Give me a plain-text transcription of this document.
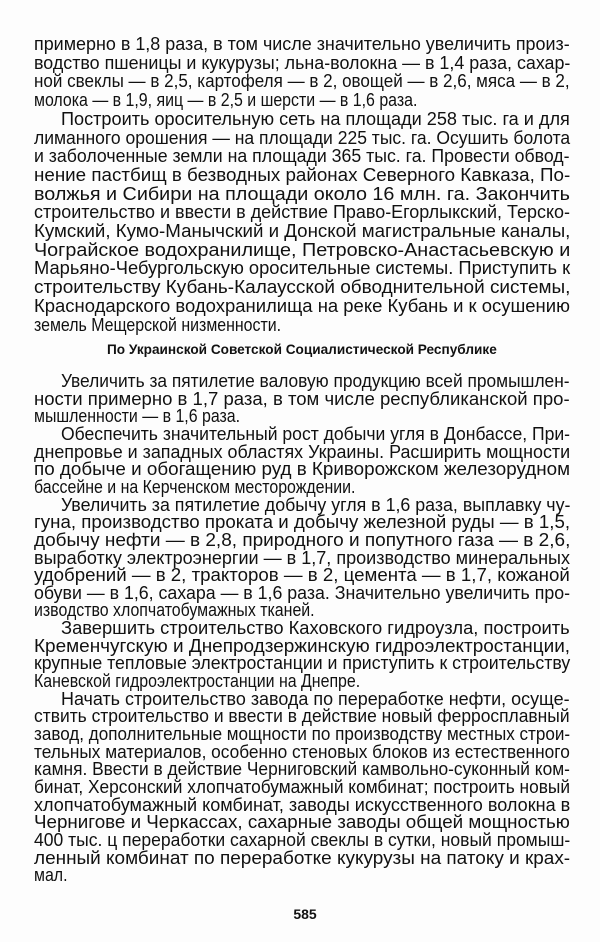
примерно в 1,8 раза, в том числе значительно увеличить произ-
водство пшеницы и кукурузы; льна-волокна — в 1,4 раза, сахар-
ной свеклы — в 2,5, картофеля — в 2, овощей — в 2,6, мяса — в 2,
молока — в 1,9, яиц — в 2,5 и шерсти — в 1,6 раза.
Построить оросительную сеть на площади 258 тыс. га и для
лиманного орошения — на площади 225 тыс. га. Осушить болота
и заболоченные земли на площади 365 тыс. га. Провести обвод-
нение пастбищ в безводных районах Северного Кавказа, По-
волжья и Сибири на площади около 16 млн. га. Закончить
строительство и ввести в действие Право-Егорлыкский, Терско-
Кумский, Кумо-Манычский и Донской магистральные каналы,
Чограйское водохранилище, Петровско-Анастасьевскую и
Марьяно-Чебургольскую оросительные системы. Приступить к
строительству Кубань-Калаусской обводнительной системы,
Краснодарского водохранилища на реке Кубань и к осушению
земель Мещерской низменности.
По Украинской Советской Социалистической Республике
Увеличить за пятилетие валовую продукцию всей промышлен-
ности примерно в 1,7 раза, в том числе республиканской про-
мышленности — в 1,6 раза.
Обеспечить значительный рост добычи угля в Донбассе, При-
днепровье и западных областях Украины. Расширить мощности
по добыче и обогащению руд в Криворожском железорудном
бассейне и на Керченском месторождении.
Увеличить за пятилетие добычу угля в 1,6 раза, выплавку чу-
гуна, производство проката и добычу железной руды — в 1,5,
добычу нефти — в 2,8, природного и попутного газа — в 2,6,
выработку электроэнергии — в 1,7, производство минеральных
удобрений — в 2, тракторов — в 2, цемента — в 1,7, кожаной
обуви — в 1,6, сахара — в 1,6 раза. Значительно увеличить про-
изводство хлопчатобумажных тканей.
Завершить строительство Каховского гидроузла, построить
Кременчугскую и Днепродзержинскую гидроэлектростанции,
крупные тепловые электростанции и приступить к строительству
Каневской гидроэлектростанции на Днепре.
Начать строительство завода по переработке нефти, осуще-
ствить строительство и ввести в действие новый ферросплавный
завод, дополнительные мощности по производству местных строи-
тельных материалов, особенно стеновых блоков из естественного
камня. Ввести в действие Черниговский камвольно-суконный ком-
бинат, Херсонский хлопчатобумажный комбинат; построить новый
хлопчатобумажный комбинат, заводы искусственного волокна в
Чернигове и Черкассах, сахарные заводы общей мощностью
400 тыс. ц переработки сахарной свеклы в сутки, новый промыш-
ленный комбинат по переработке кукурузы на патоку и крах-
мал.
585
